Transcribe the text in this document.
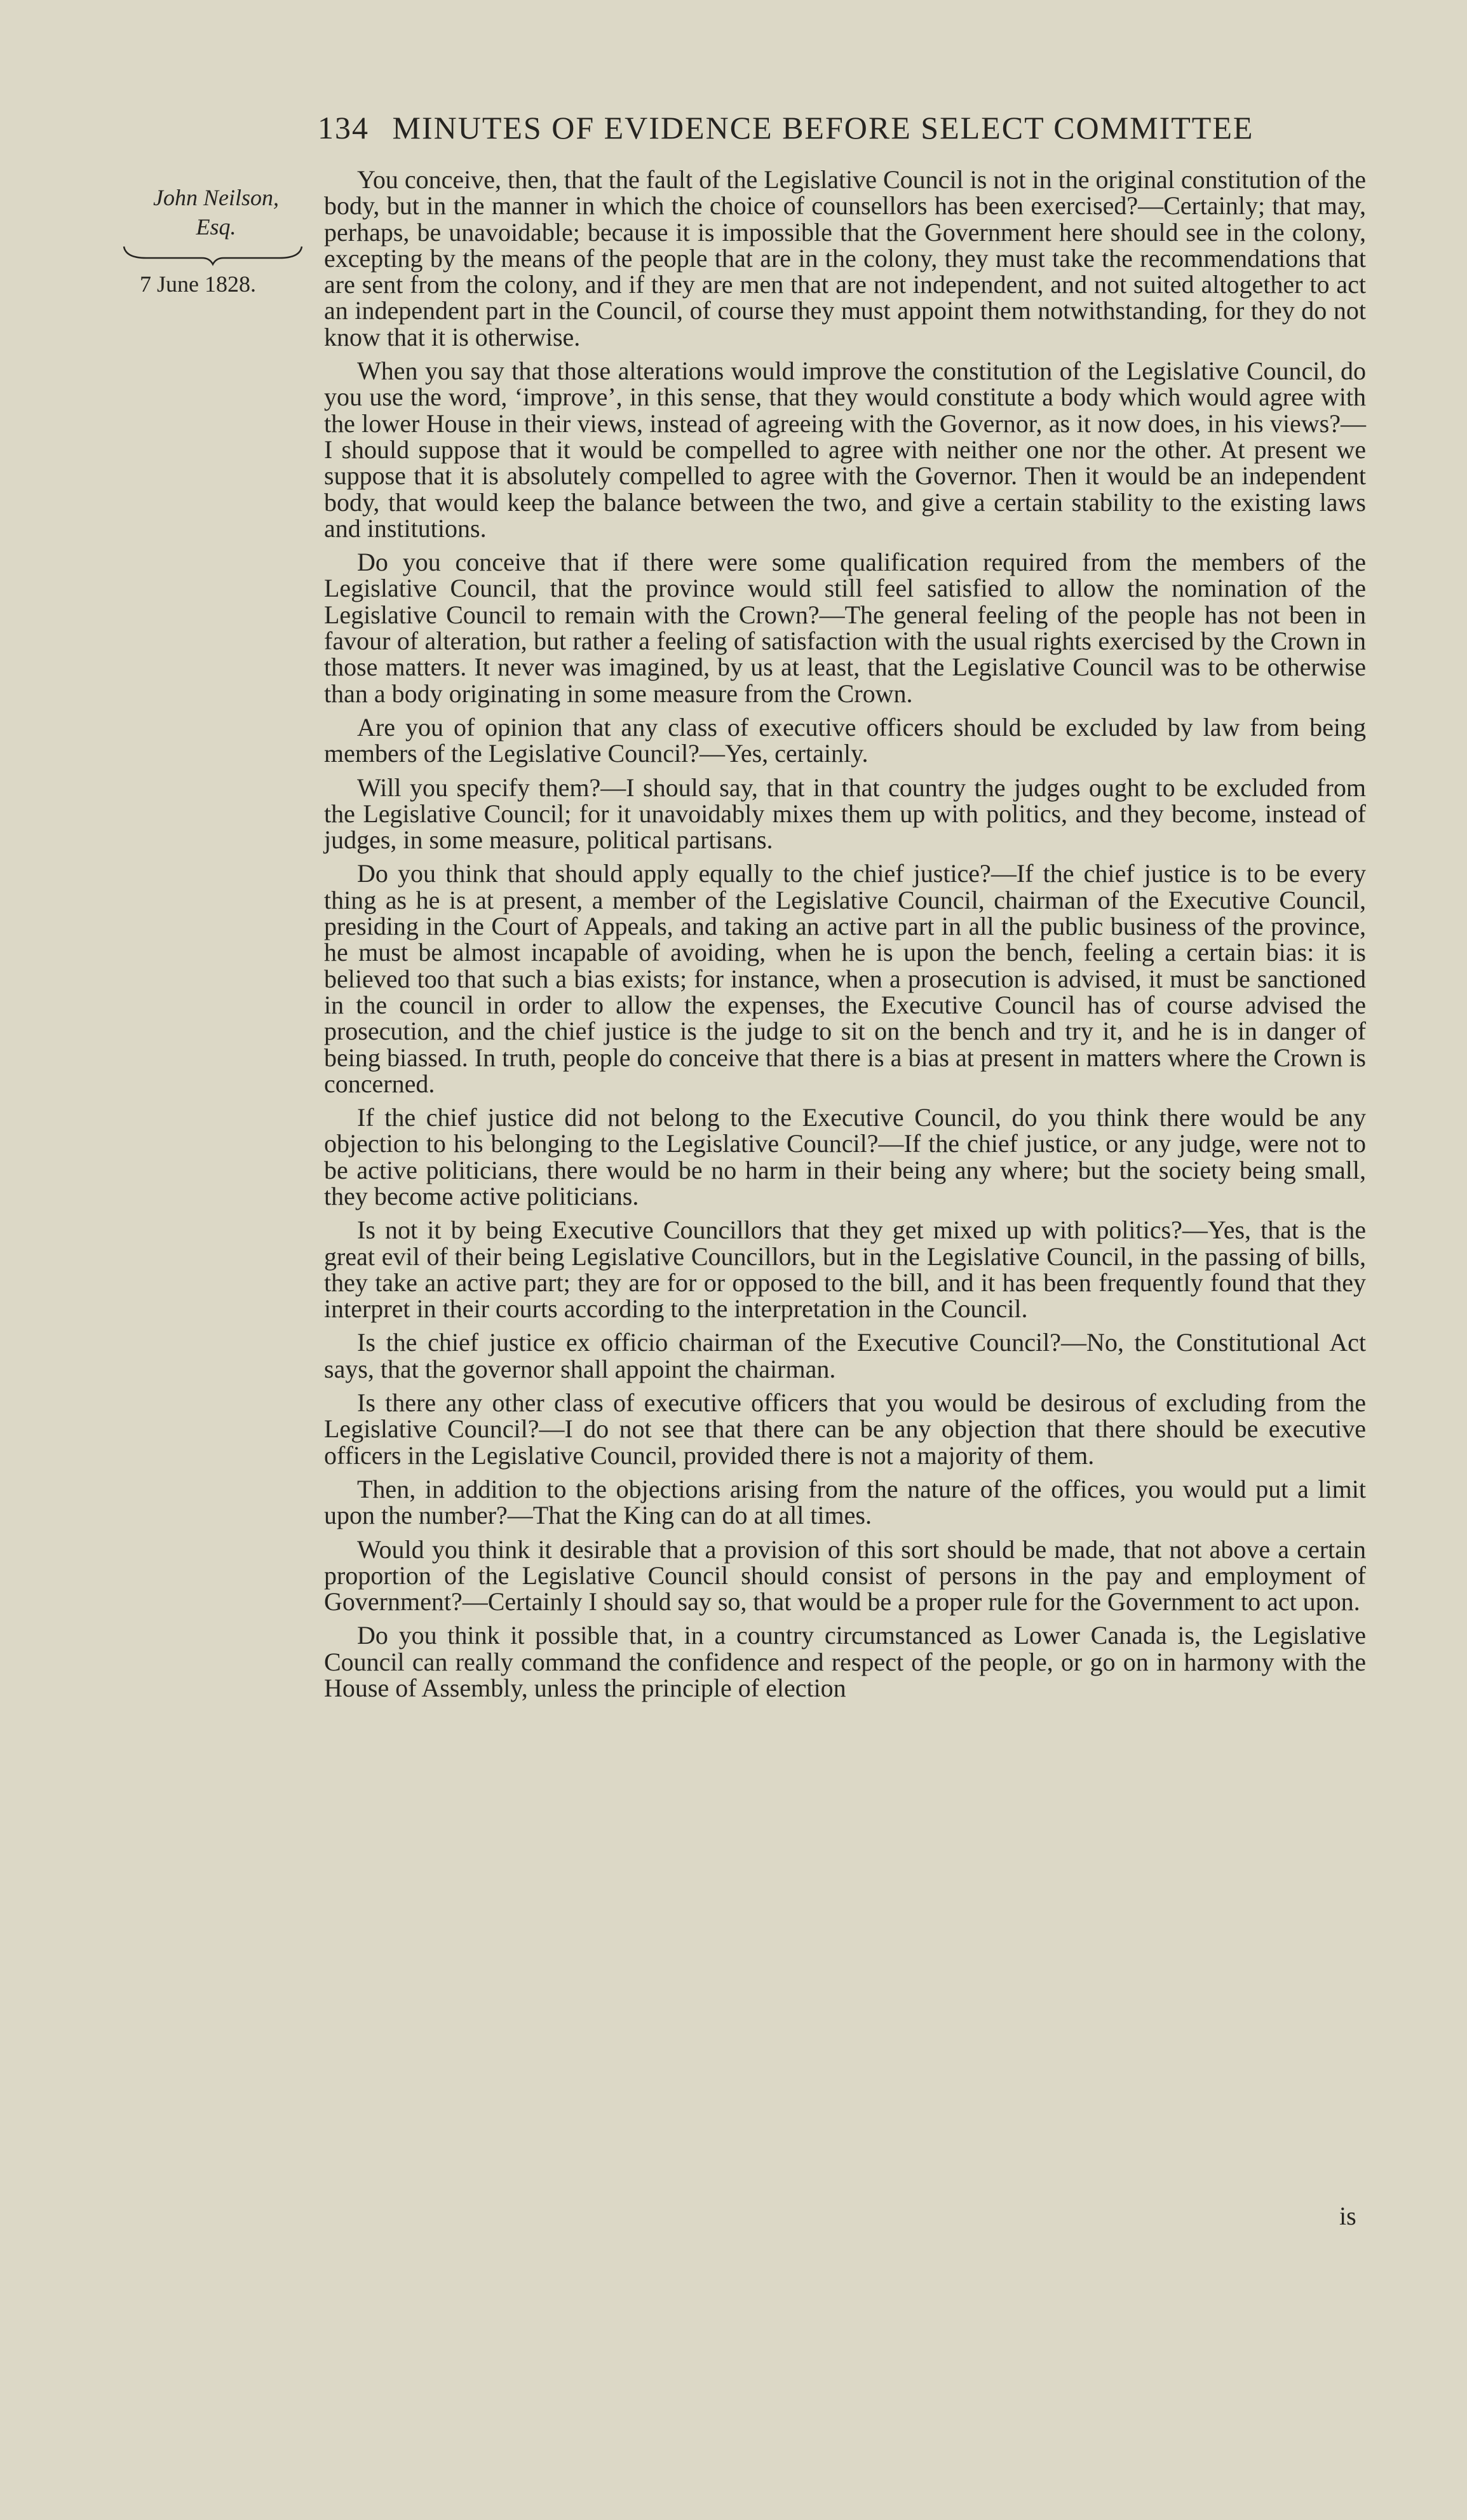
134 MINUTES OF EVIDENCE BEFORE SELECT COMMITTEE
John Neilson,
Esq.
7 June 1828.

You conceive, then, that the fault of the Legislative Council is not in the original constitution of the body, but in the manner in which the choice of counsellors has been exercised?—Certainly; that may, perhaps, be unavoidable; because it is impossible that the Government here should see in the colony, excepting by the means of the people that are in the colony, they must take the recommendations that are sent from the colony, and if they are men that are not independent, and not suited altogether to act an independent part in the Council, of course they must appoint them notwithstanding, for they do not know that it is otherwise.

When you say that those alterations would improve the constitution of the Legislative Council, do you use the word, ‘improve’, in this sense, that they would constitute a body which would agree with the lower House in their views, instead of agreeing with the Governor, as it now does, in his views?—I should suppose that it would be compelled to agree with neither one nor the other. At present we suppose that it is absolutely compelled to agree with the Governor. Then it would be an independent body, that would keep the balance between the two, and give a certain stability to the existing laws and institutions.

Do you conceive that if there were some qualification required from the members of the Legislative Council, that the province would still feel satisfied to allow the nomination of the Legislative Council to remain with the Crown?—The general feeling of the people has not been in favour of alteration, but rather a feeling of satisfaction with the usual rights exercised by the Crown in those matters. It never was imagined, by us at least, that the Legislative Council was to be otherwise than a body originating in some measure from the Crown.

Are you of opinion that any class of executive officers should be excluded by law from being members of the Legislative Council?—Yes, certainly.

Will you specify them?—I should say, that in that country the judges ought to be excluded from the Legislative Council; for it unavoidably mixes them up with politics, and they become, instead of judges, in some measure, political partisans.

Do you think that should apply equally to the chief justice?—If the chief justice is to be every thing as he is at present, a member of the Legislative Council, chairman of the Executive Council, presiding in the Court of Appeals, and taking an active part in all the public business of the province, he must be almost incapable of avoiding, when he is upon the bench, feeling a certain bias: it is believed too that such a bias exists; for instance, when a prosecution is advised, it must be sanctioned in the council in order to allow the expenses, the Executive Council has of course advised the prosecution, and the chief justice is the judge to sit on the bench and try it, and he is in danger of being biassed. In truth, people do conceive that there is a bias at present in matters where the Crown is concerned.

If the chief justice did not belong to the Executive Council, do you think there would be any objection to his belonging to the Legislative Council?—If the chief justice, or any judge, were not to be active politicians, there would be no harm in their being any where; but the society being small, they become active politicians.

Is not it by being Executive Councillors that they get mixed up with politics?—Yes, that is the great evil of their being Legislative Councillors, but in the Legislative Council, in the passing of bills, they take an active part; they are for or opposed to the bill, and it has been frequently found that they interpret in their courts according to the interpretation in the Council.

Is the chief justice ex officio chairman of the Executive Council?—No, the Constitutional Act says, that the governor shall appoint the chairman.

Is there any other class of executive officers that you would be desirous of excluding from the Legislative Council?—I do not see that there can be any objection that there should be executive officers in the Legislative Council, provided there is not a majority of them.

Then, in addition to the objections arising from the nature of the offices, you would put a limit upon the number?—That the King can do at all times.

Would you think it desirable that a provision of this sort should be made, that not above a certain proportion of the Legislative Council should consist of persons in the pay and employment of Government?—Certainly I should say so, that would be a proper rule for the Government to act upon.

Do you think it possible that, in a country circumstanced as Lower Canada is, the Legislative Council can really command the confidence and respect of the people, or go on in harmony with the House of Assembly, unless the principle of election

is
